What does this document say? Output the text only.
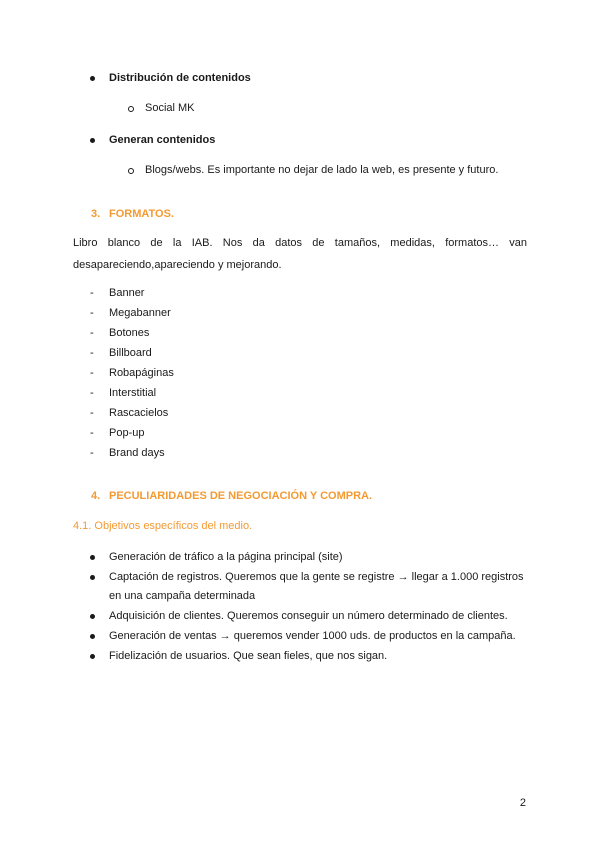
Distribución de contenidos
Social MK
Generan contenidos
Blogs/webs. Es importante no dejar de lado la web, es presente y futuro.
3. FORMATOS.
Libro blanco de la IAB. Nos da datos de tamaños, medidas, formatos… van
desapareciendo,apareciendo y mejorando.
- Banner
- Megabanner
- Botones
- Billboard
- Robapáginas
- Interstitial
- Rascacielos
- Pop-up
- Brand days
4. PECULIARIDADES DE NEGOCIACIÓN Y COMPRA.
4.1. Objetivos específicos del medio.
Generación de tráfico a la página principal (site)
Captación de registros. Queremos que la gente se registre → llegar a 1.000 registros
en una campaña determinada
Adquisición de clientes. Queremos conseguir un número determinado de clientes.
Generación de ventas → queremos vender 1000 uds. de productos en la campaña.
Fidelización de usuarios. Que sean fieles, que nos sigan.
2
